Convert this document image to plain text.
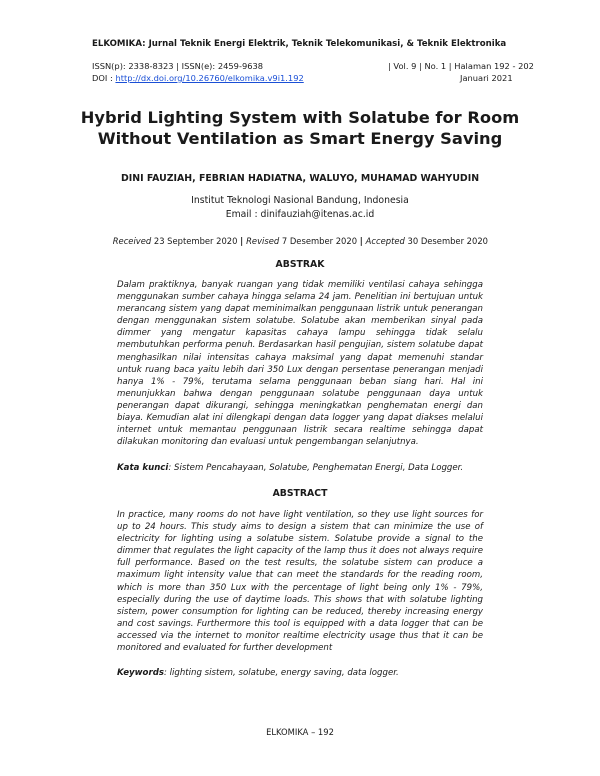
ELKOMIKA: Jurnal Teknik Energi Elektrik, Teknik Telekomunikasi, & Teknik Elektronika
ISSN(p): 2338-8323 | ISSN(e): 2459-9638	| Vol. 9 | No. 1 | Halaman 192 - 202
DOI : http://dx.doi.org/10.26760/elkomika.v9i1.192	Januari 2021
Hybrid Lighting System with Solatube for Room
Without Ventilation as Smart Energy Saving
DINI FAUZIAH, FEBRIAN HADIATNA, WALUYO, MUHAMAD WAHYUDIN
Institut Teknologi Nasional Bandung, Indonesia
Email : dinifauziah@itenas.ac.id
Received 23 September 2020 | Revised 7 Desember 2020 | Accepted 30 Desember 2020
ABSTRAK
Dalam praktiknya, banyak ruangan yang tidak memiliki ventilasi cahaya sehingga menggunakan sumber cahaya hingga selama 24 jam. Penelitian ini bertujuan untuk merancang sistem yang dapat meminimalkan penggunaan listrik untuk penerangan dengan menggunakan sistem solatube. Solatube akan memberikan sinyal pada dimmer yang mengatur kapasitas cahaya lampu sehingga tidak selalu membutuhkan performa penuh. Berdasarkan hasil pengujian, sistem solatube dapat menghasilkan nilai intensitas cahaya maksimal yang dapat memenuhi standar untuk ruang baca yaitu lebih dari 350 Lux dengan persentase penerangan menjadi hanya 1% - 79%, terutama selama penggunaan beban siang hari. Hal ini menunjukkan bahwa dengan penggunaan solatube penggunaan daya untuk penerangan dapat dikurangi, sehingga meningkatkan penghematan energi dan biaya. Kemudian alat ini dilengkapi dengan data logger yang dapat diakses melalui internet untuk memantau penggunaan listrik secara realtime sehingga dapat dilakukan monitoring dan evaluasi untuk pengembangan selanjutnya.
Kata kunci: Sistem Pencahayaan, Solatube, Penghematan Energi, Data Logger.
ABSTRACT
In practice, many rooms do not have light ventilation, so they use light sources for up to 24 hours. This study aims to design a sistem that can minimize the use of electricity for lighting using a solatube sistem. Solatube provide a signal to the dimmer that regulates the light capacity of the lamp thus it does not always require full performance. Based on the test results, the solatube sistem can produce a maximum light intensity value that can meet the standards for the reading room, which is more than 350 Lux with the percentage of light being only 1% - 79%, especially during the use of daytime loads. This shows that with solatube lighting sistem, power consumption for lighting can be reduced, thereby increasing energy and cost savings. Furthermore this tool is equipped with a data logger that can be accessed via the internet to monitor realtime electricity usage thus that it can be monitored and evaluated for further development
Keywords: lighting sistem, solatube, energy saving, data logger.
ELKOMIKA – 192
